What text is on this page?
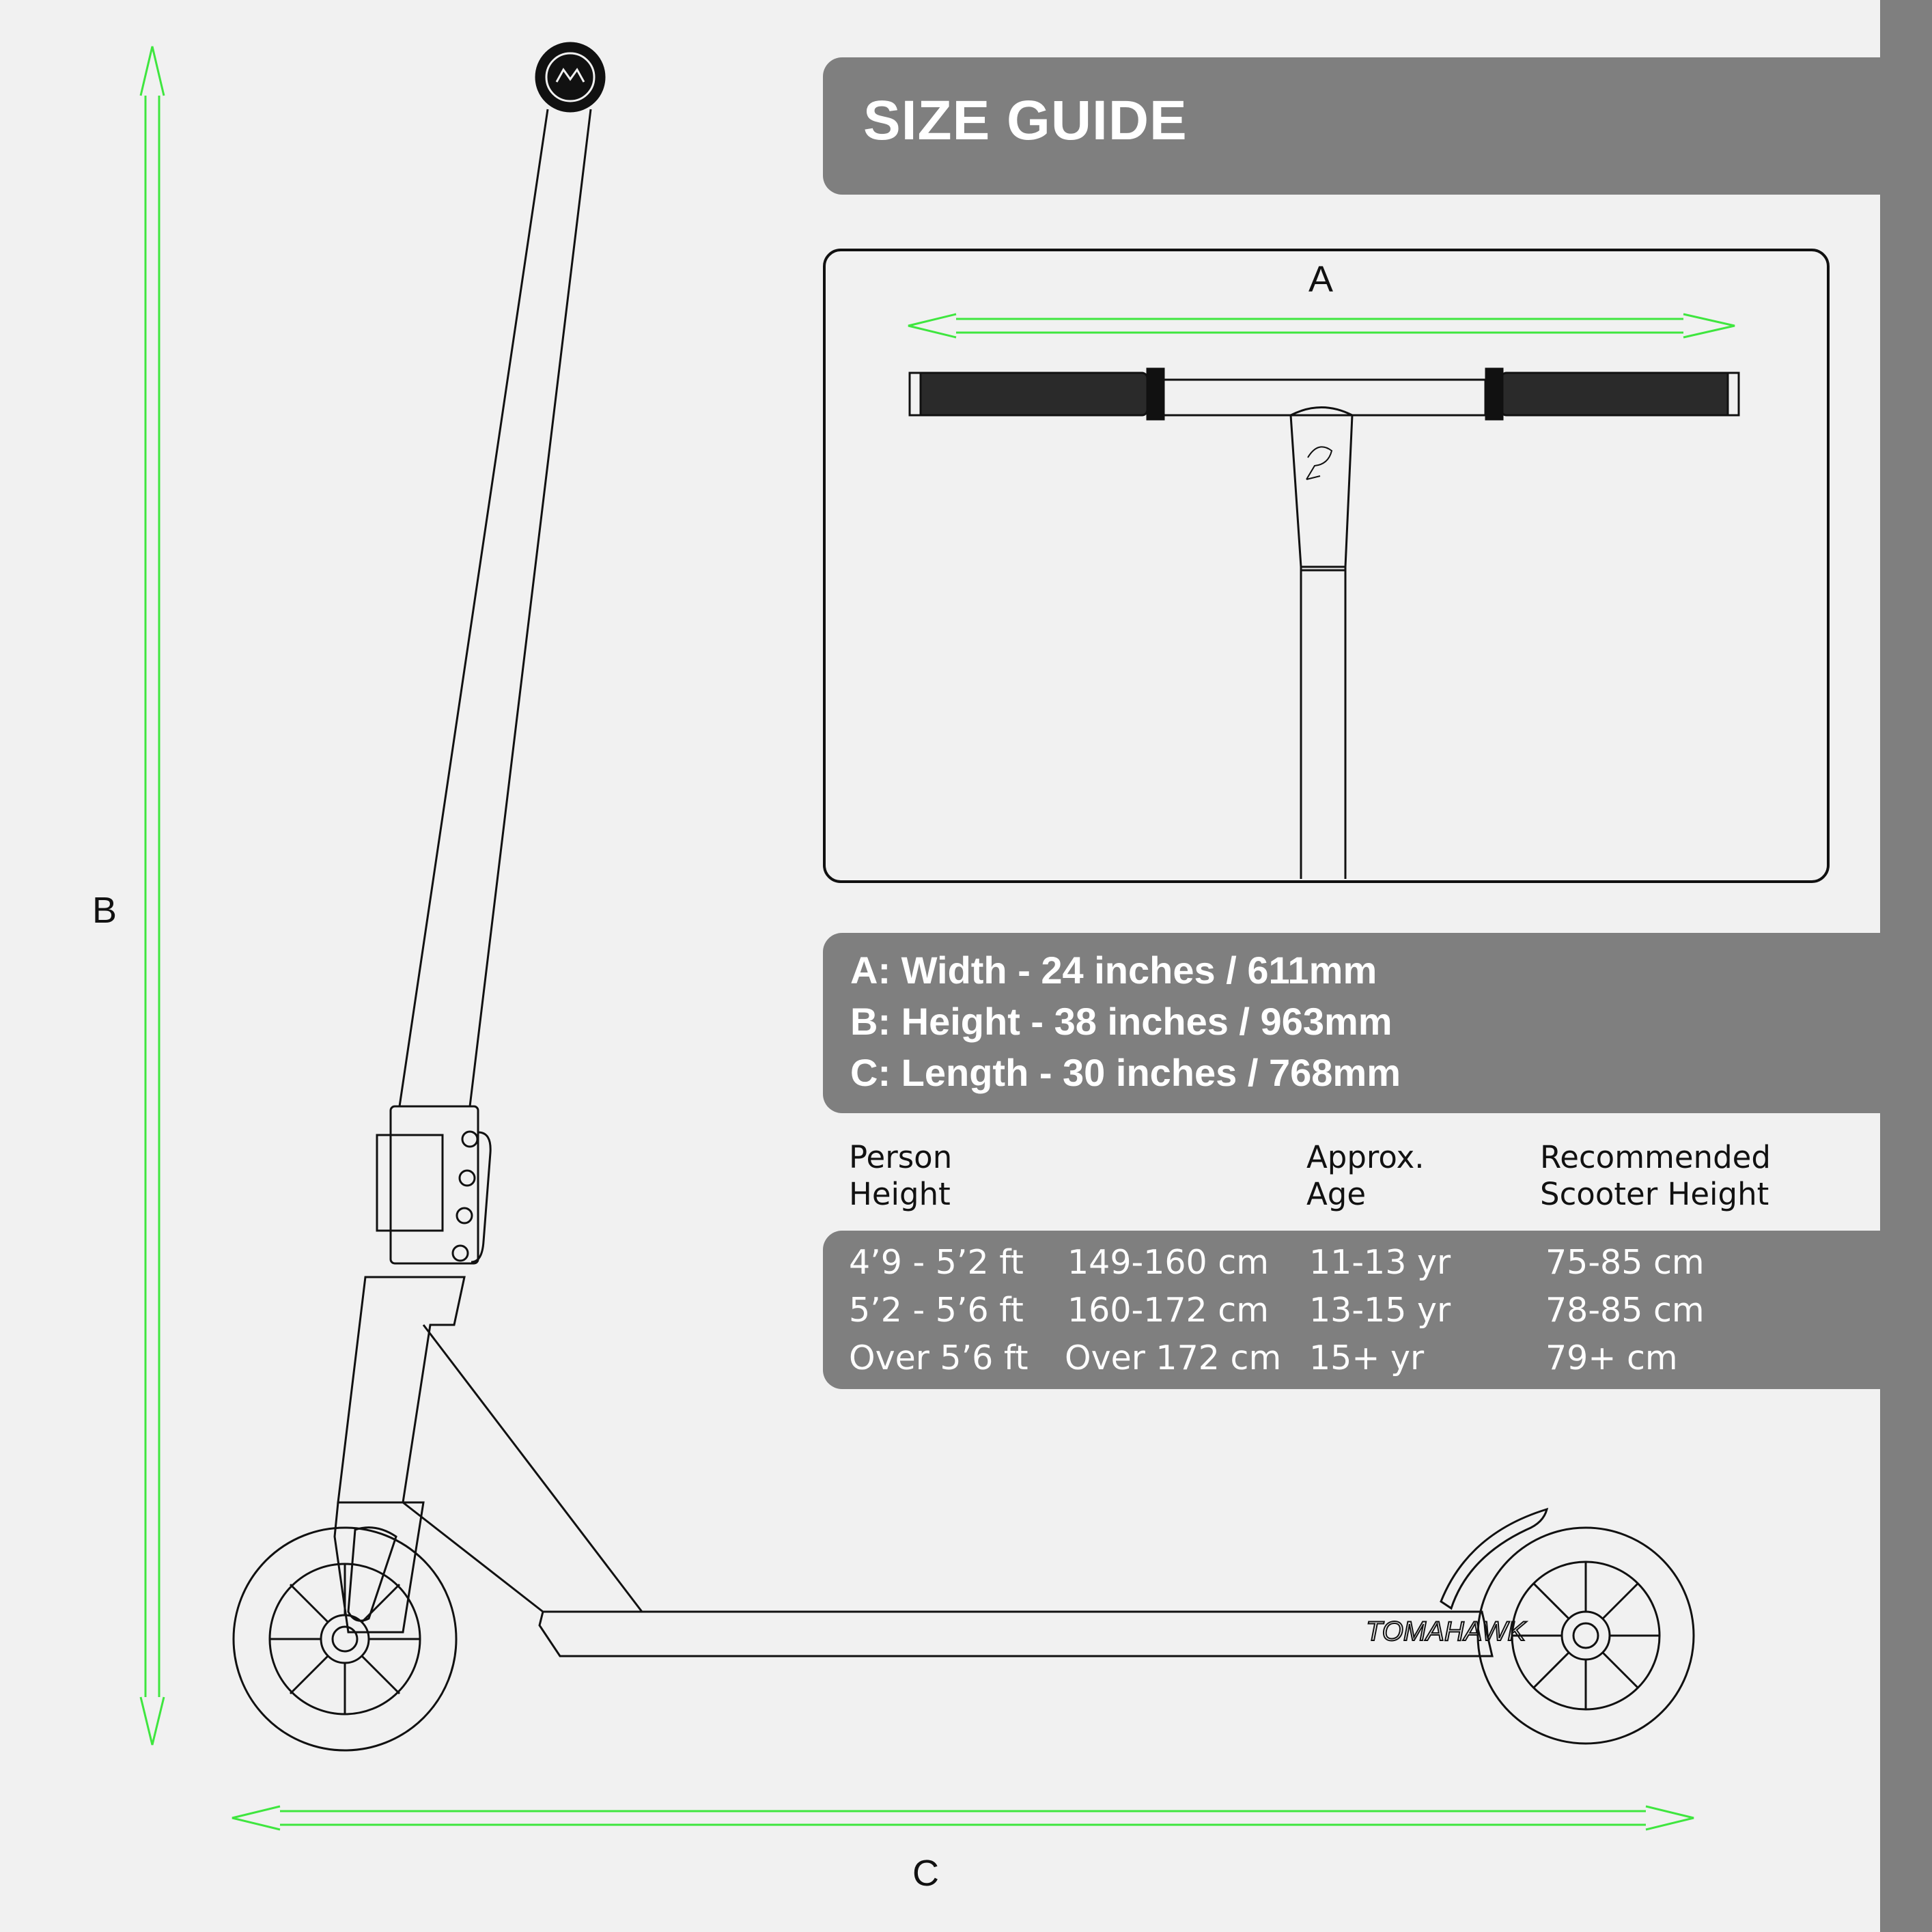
SIZE GUIDE
A: Width - 24 inches / 611mm
B: Height - 38 inches / 963mm
C: Length - 30 inches / 768mm
Person
Height
Approx.
Age
Recommended
Scooter Height
4’9 - 5’2 ft 149-160 cm 11-13 yr	75-85 cm
5’2 - 5’6 ft 160-172 cm 13-15 yr	78-85 cm
Over 5’6 ft Over 172 cm 15+ yr	79+ cm
TOMAHAWK
A
B
C
